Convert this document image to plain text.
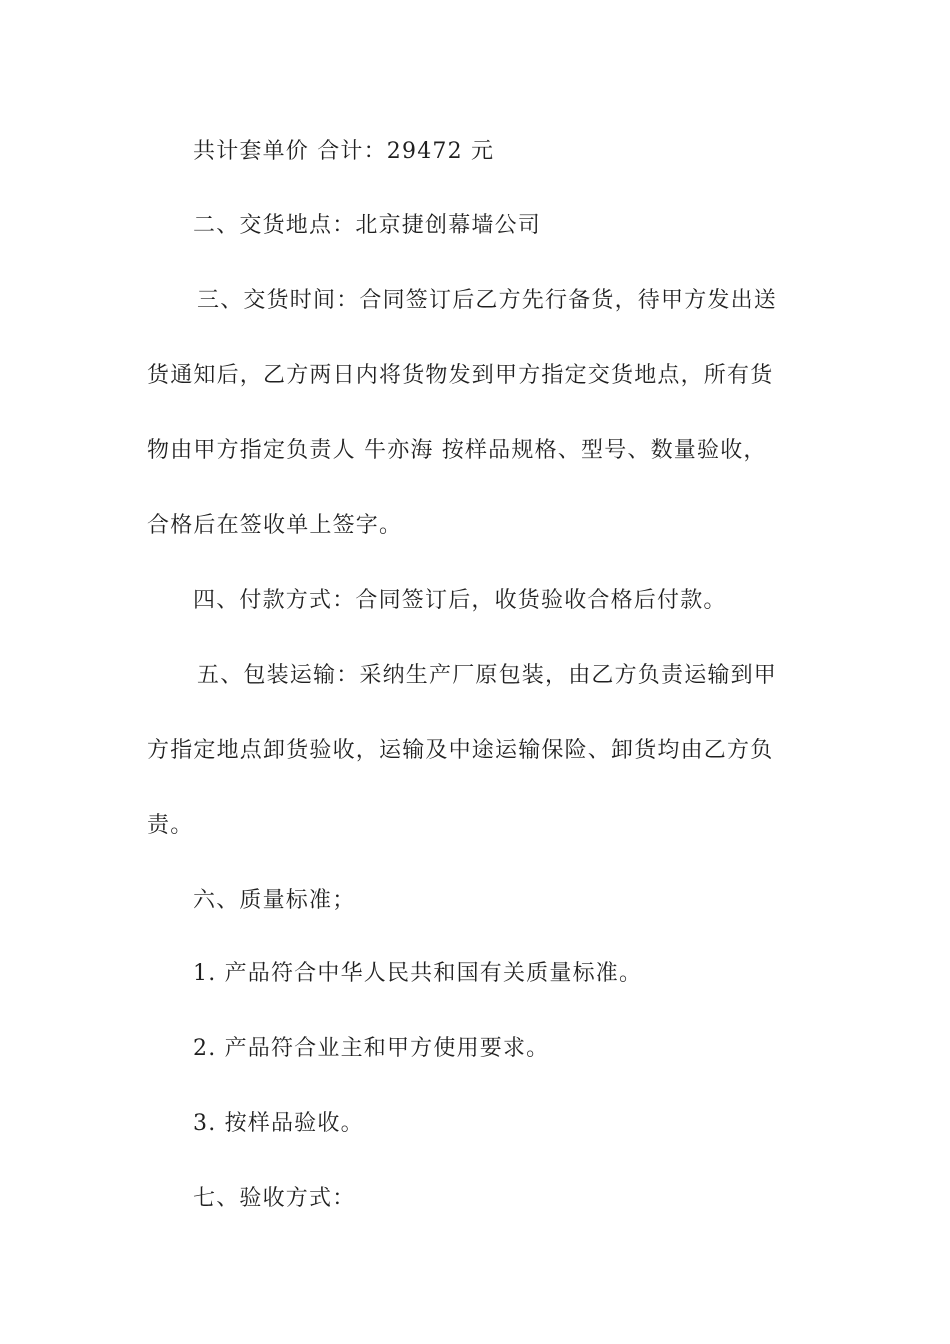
共计套单价 合计：29472 元
二、交货地点：北京捷创幕墙公司
三、交货时间：合同签订后乙方先行备货，待甲方发出送
货通知后，乙方两日内将货物发到甲方指定交货地点，所有货
物由甲方指定负责人 牛亦海 按样品规格、型号、数量验收，
合格后在签收单上签字。
四、付款方式：合同签订后，收货验收合格后付款。
五、包装运输：采纳生产厂原包装，由乙方负责运输到甲
方指定地点卸货验收，运输及中途运输保险、卸货均由乙方负
责。
六、质量标准；
1. 产品符合中华人民共和国有关质量标准。
2. 产品符合业主和甲方使用要求。
3. 按样品验收。
七、验收方式：
